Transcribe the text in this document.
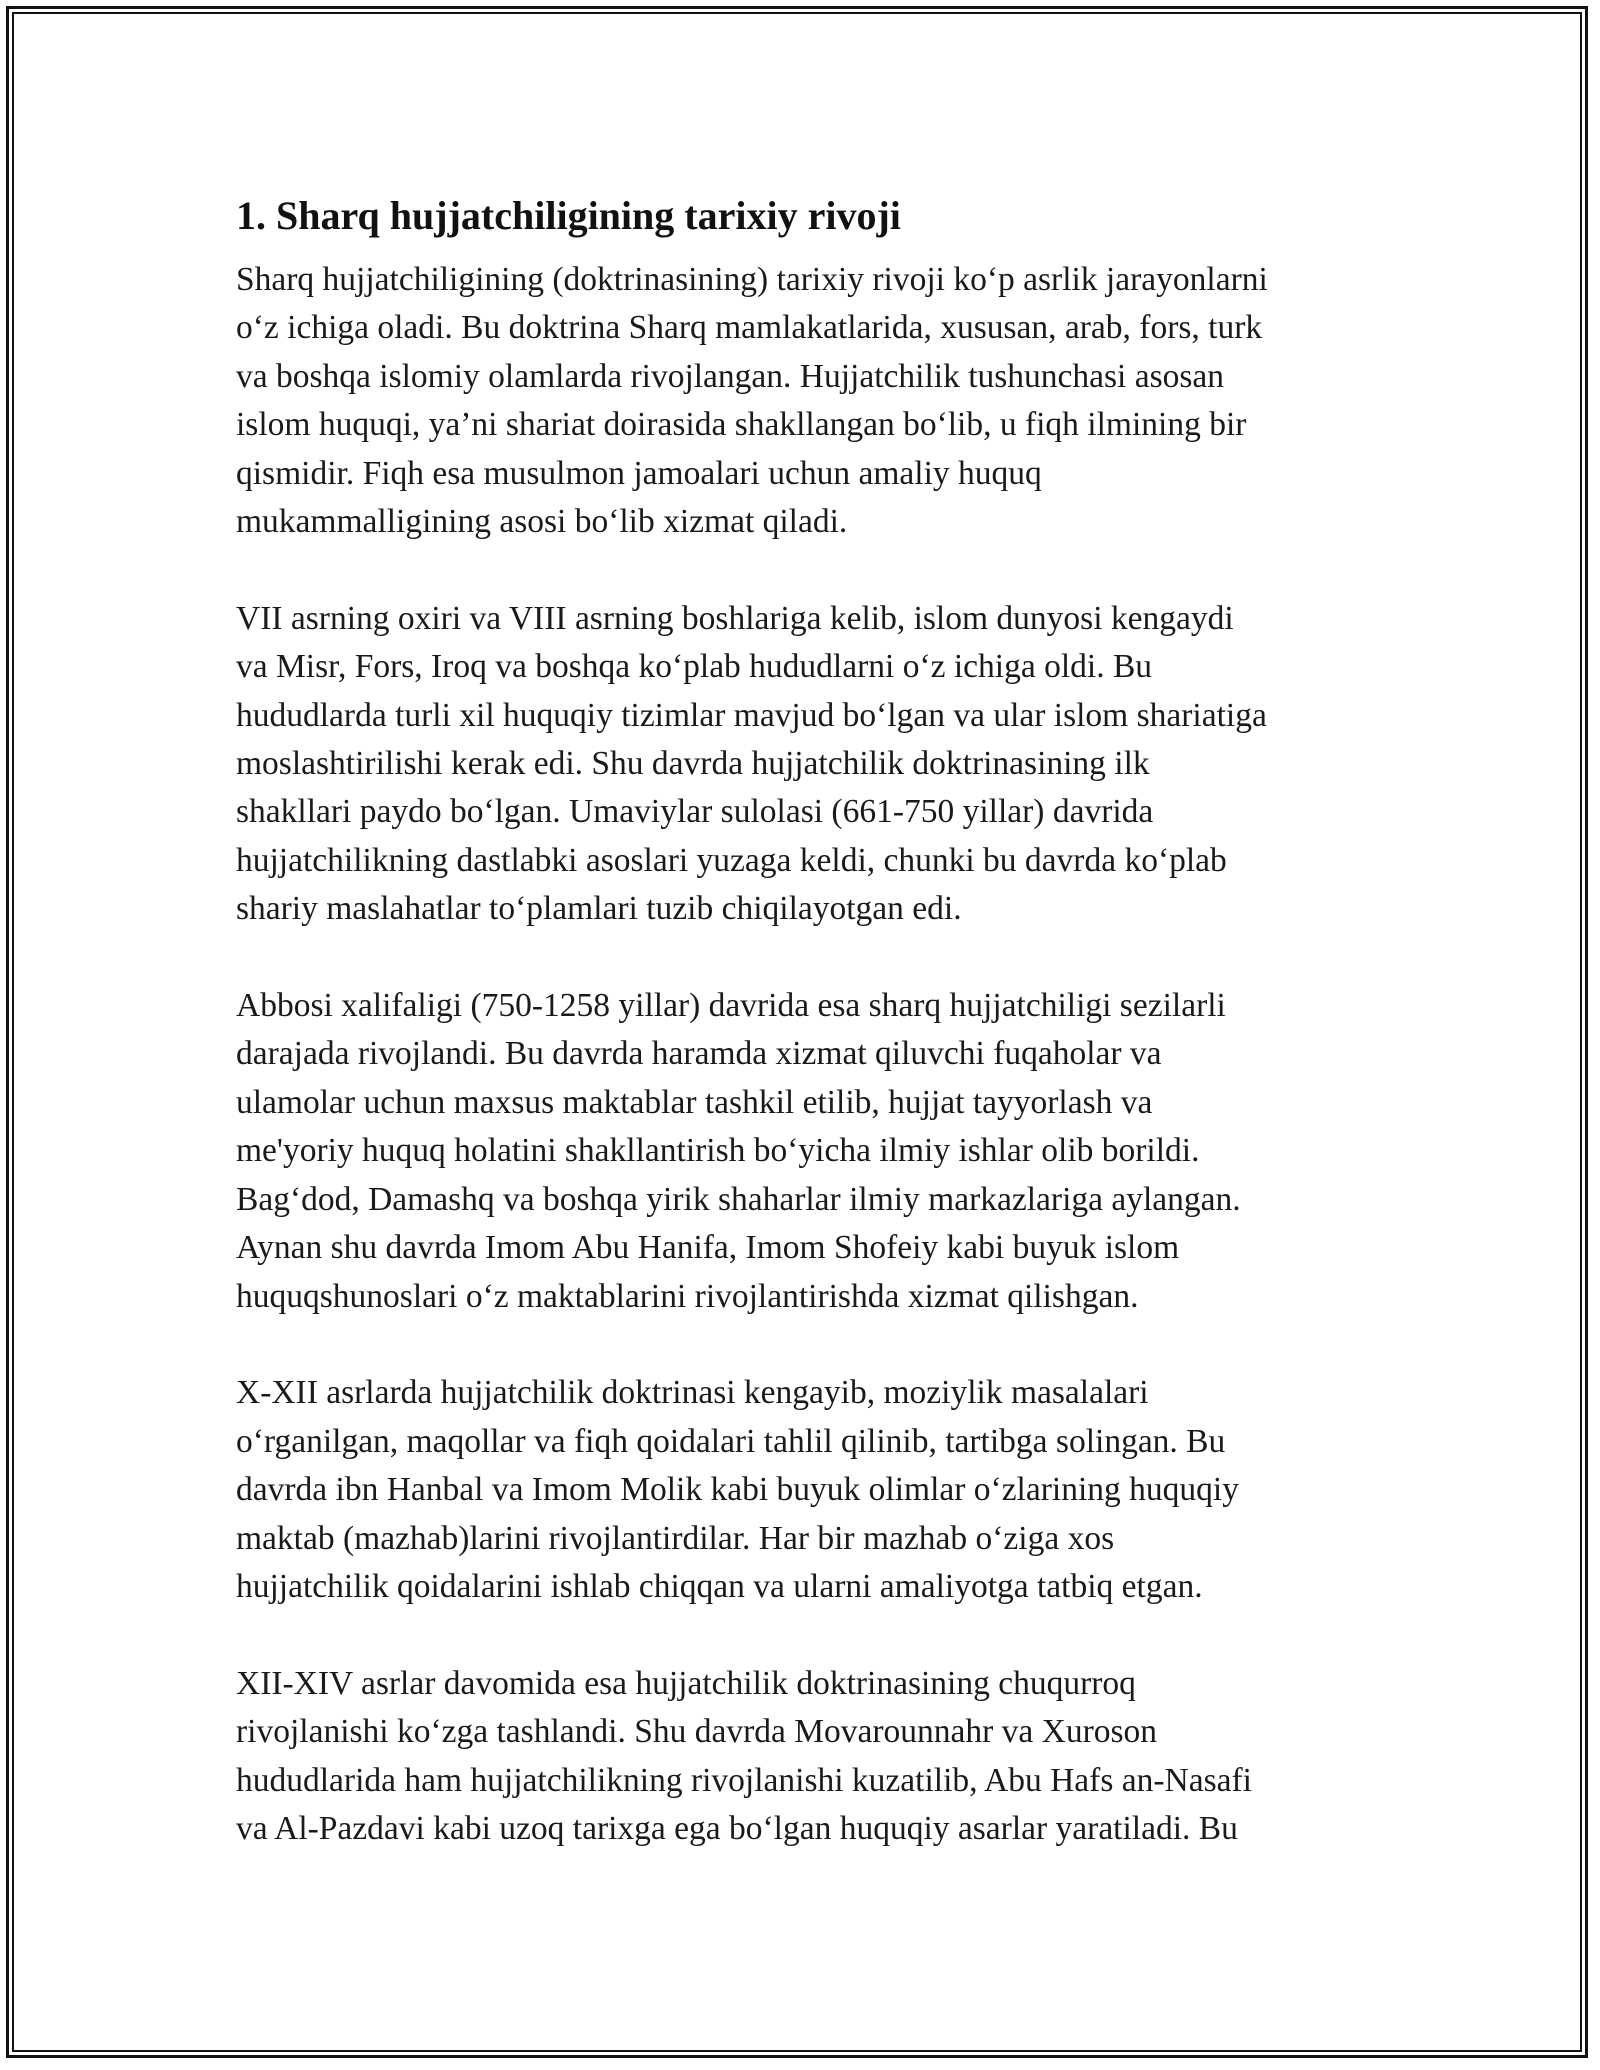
1. Sharq hujjatchiligining tarixiy rivoji

Sharq hujjatchiligining (doktrinasining) tarixiy rivoji koʻp asrlik jarayonlarni
oʻz ichiga oladi. Bu doktrina Sharq mamlakatlarida, xususan, arab, fors, turk
va boshqa islomiy olamlarda rivojlangan. Hujjatchilik tushunchasi asosan
islom huquqi, ya’ni shariat doirasida shakllangan boʻlib, u fiqh ilmining bir
qismidir. Fiqh esa musulmon jamoalari uchun amaliy huquq
mukammalligining asosi boʻlib xizmat qiladi.

VII asrning oxiri va VIII asrning boshlariga kelib, islom dunyosi kengaydi
va Misr, Fors, Iroq va boshqa koʻplab hududlarni oʻz ichiga oldi. Bu
hududlarda turli xil huquqiy tizimlar mavjud boʻlgan va ular islom shariatiga
moslashtirilishi kerak edi. Shu davrda hujjatchilik doktrinasining ilk
shakllari paydo boʻlgan. Umaviylar sulolasi (661-750 yillar) davrida
hujjatchilikning dastlabki asoslari yuzaga keldi, chunki bu davrda koʻplab
shariy maslahatlar toʻplamlari tuzib chiqilayotgan edi.

Abbosi xalifaligi (750-1258 yillar) davrida esa sharq hujjatchiligi sezilarli
darajada rivojlandi. Bu davrda haramda xizmat qiluvchi fuqaholar va
ulamolar uchun maxsus maktablar tashkil etilib, hujjat tayyorlash va
me'yoriy huquq holatini shakllantirish boʻyicha ilmiy ishlar olib borildi.
Bagʻdod, Damashq va boshqa yirik shaharlar ilmiy markazlariga aylangan.
Aynan shu davrda Imom Abu Hanifa, Imom Shofeiy kabi buyuk islom
huquqshunoslari oʻz maktablarini rivojlantirishda xizmat qilishgan.

X-XII asrlarda hujjatchilik doktrinasi kengayib, moziylik masalalari
oʻrganilgan, maqollar va fiqh qoidalari tahlil qilinib, tartibga solingan. Bu
davrda ibn Hanbal va Imom Molik kabi buyuk olimlar oʻzlarining huquqiy
maktab (mazhab)larini rivojlantirdilar. Har bir mazhab oʻziga xos
hujjatchilik qoidalarini ishlab chiqqan va ularni amaliyotga tatbiq etgan.

XII-XIV asrlar davomida esa hujjatchilik doktrinasining chuqurroq
rivojlanishi koʻzga tashlandi. Shu davrda Movarounnahr va Xuroson
hududlarida ham hujjatchilikning rivojlanishi kuzatilib, Abu Hafs an-Nasafi
va Al-Pazdavi kabi uzoq tarixga ega boʻlgan huquqiy asarlar yaratiladi. Bu
